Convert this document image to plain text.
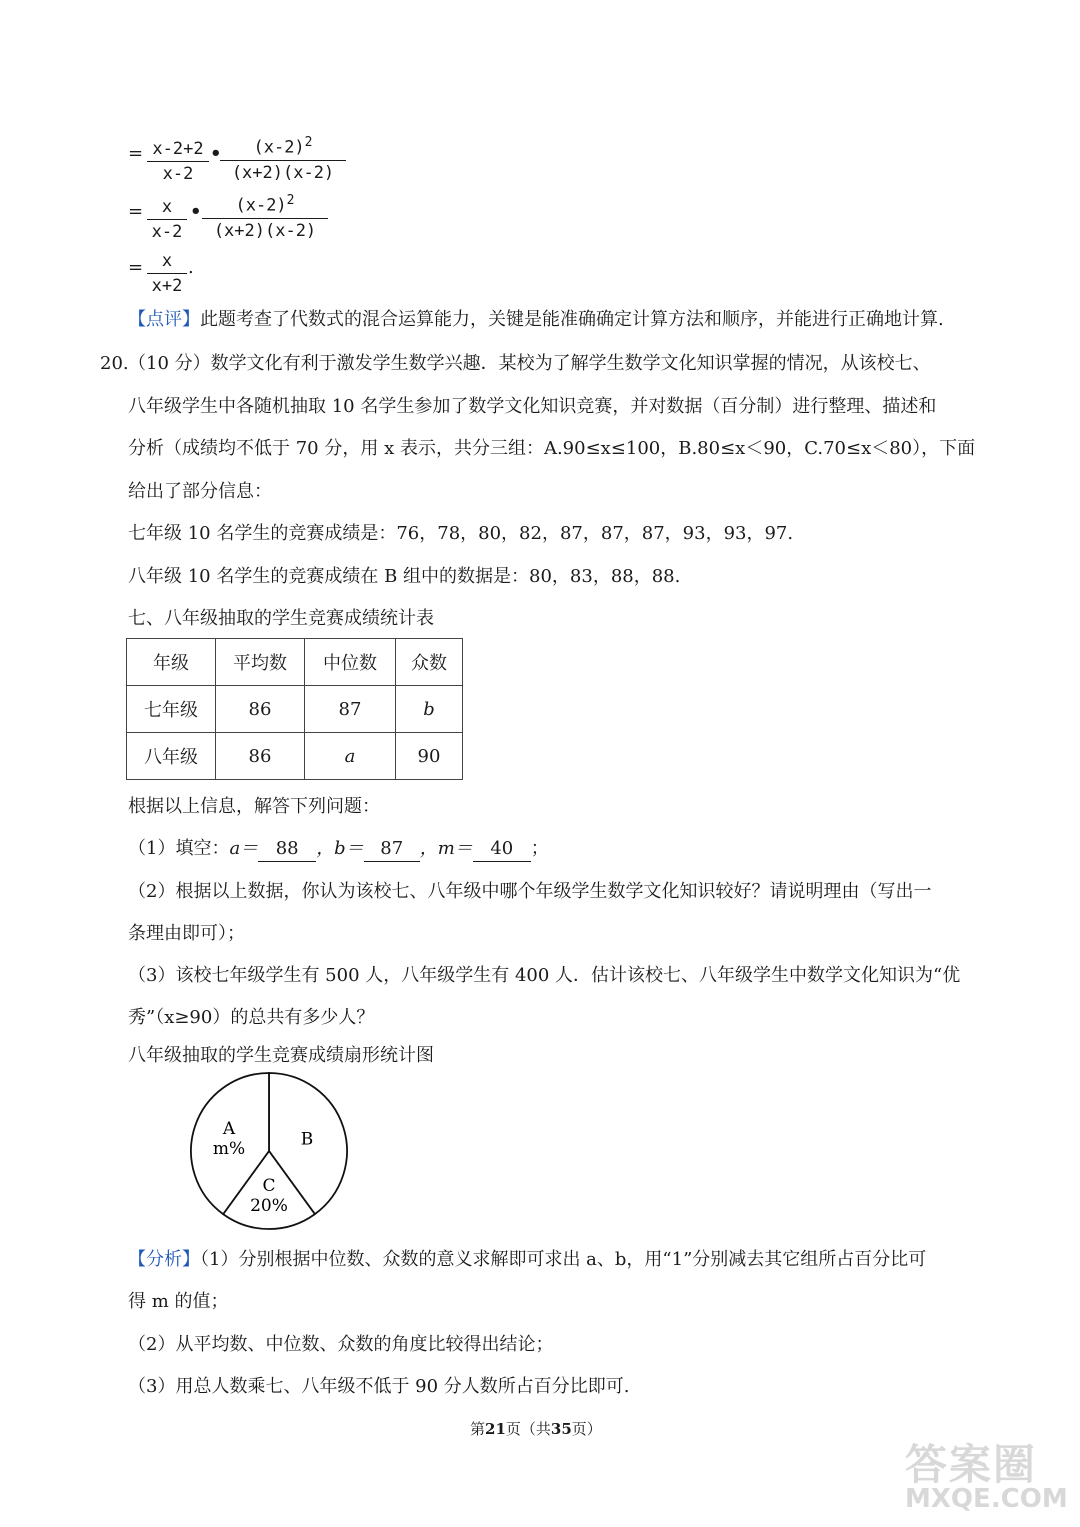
= x-2+2
x-2
•	$(x-2)^2$
(x+2)(x-2)
=	x
x-2
•	$(x-2)^2$
(x+2)(x-2)
=	x
x+2
.
【点评】此题考查了代数式的混合运算能力，关键是能准确确定计算方法和顺序，并能进行正确地计算.
20. （10 分）数学文化有利于激发学生数学兴趣．某校为了解学生数学文化知识掌握的情况，从该校七、
八年级学生中各随机抽取 10 名学生参加了数学文化知识竞赛，并对数据（百分制）进行整理、描述和
分析（成绩均不低于 70 分，用 x 表示，共分三组：A.90≤x≤100，B.80≤x＜90，C.70≤x＜80），下面
给出了部分信息：
七年级 10 名学生的竞赛成绩是：76，78，80，82，87，87，87，93，93，97.
八年级 10 名学生的竞赛成绩在 B 组中的数据是：80，83，88，88.
七、八年级抽取的学生竞赛成绩统计表
年级	平均数	中位数	众数
七年级	86	87	b
八年级	86	a	90
根据以上信息，解答下列问题：
（1）填空：a＝ 88 ，b＝ 87 ，m＝ 40 ；
（2）根据以上数据，你认为该校七、八年级中哪个年级学生数学文化知识较好？请说明理由（写出一
条理由即可）；
（3）该校七年级学生有 500 人，八年级学生有 400 人．估计该校七、八年级学生中数学文化知识为“优
秀”（x≥90）的总共有多少人？
八年级抽取的学生竞赛成绩扇形统计图
A
m%	B
C
20%
【分析】（1）分别根据中位数、众数的意义求解即可求出 a、b，用“1”分别减去其它组所占百分比可
得 m 的值；
（2）从平均数、中位数、众数的角度比较得出结论；
（3）用总人数乘七、八年级不低于 90 分人数所占百分比即可.
第21页（共35页）
答案圈
MXQE.COM
